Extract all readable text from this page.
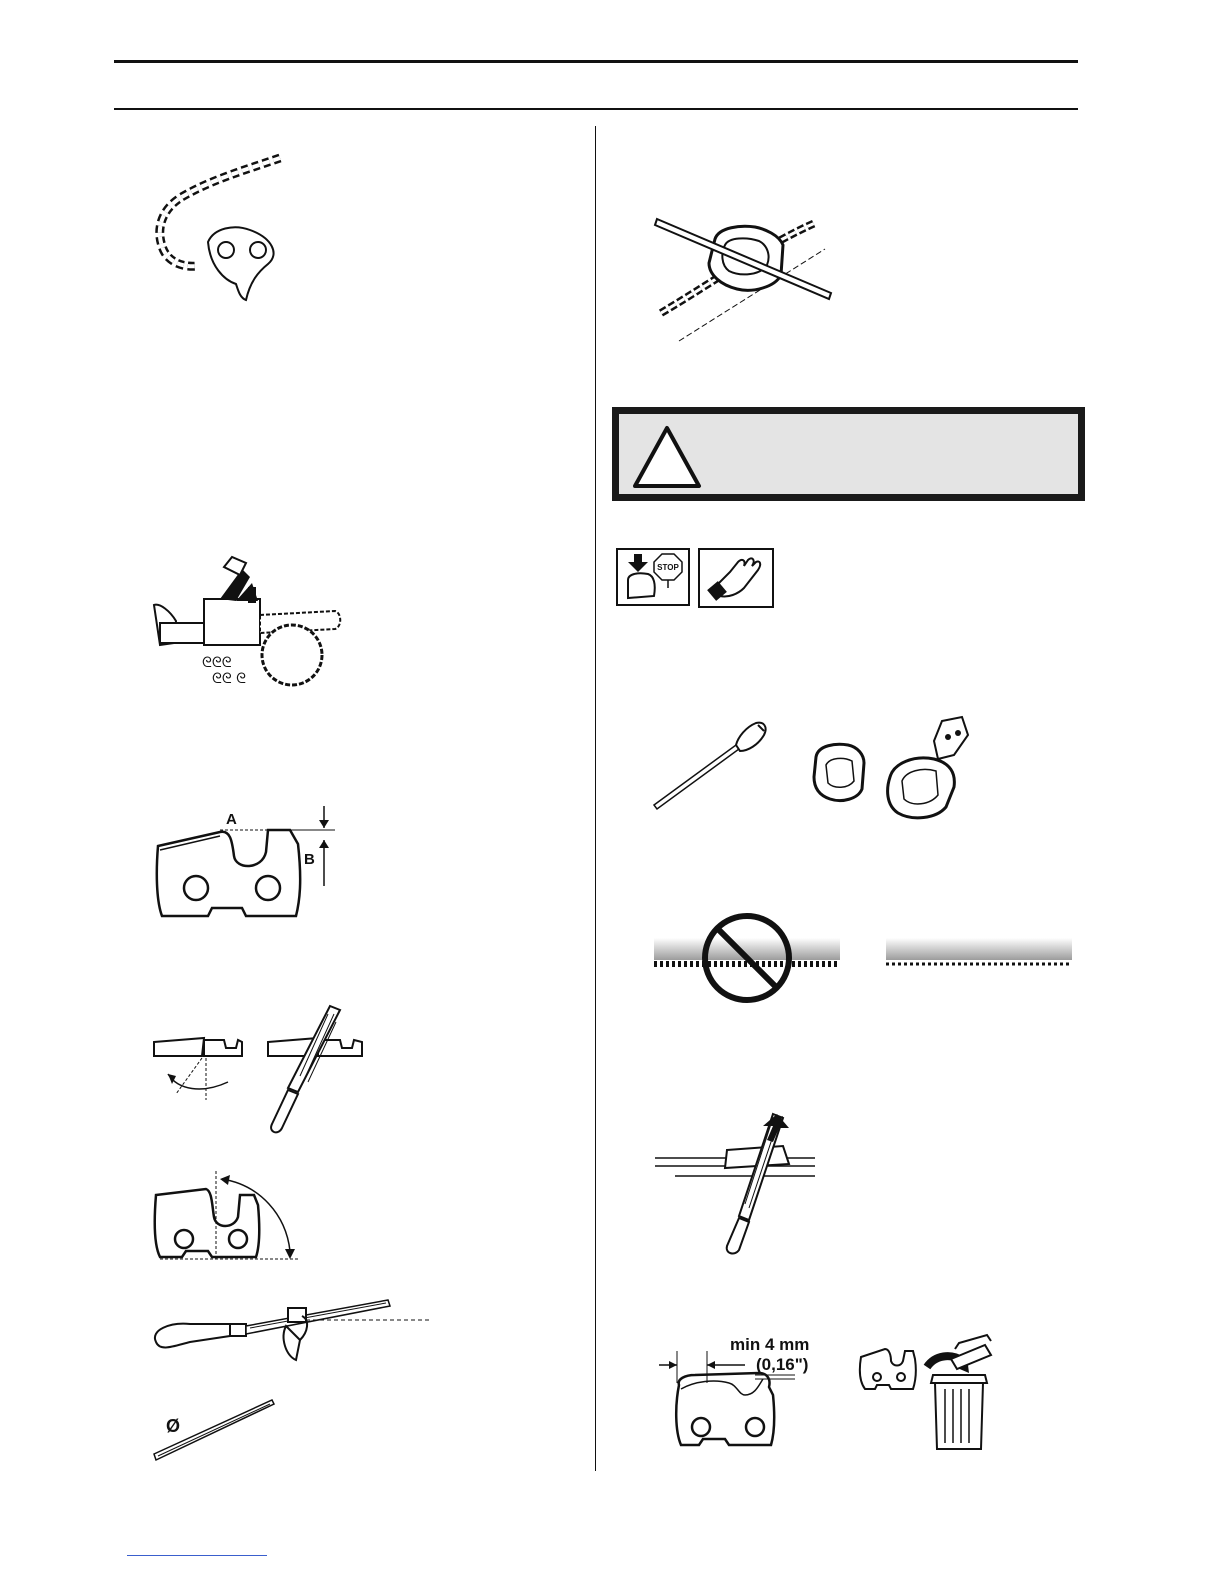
ᘓᘓᘓ
ᘓᘓ ᘓ
A
B
Ø
STOP
min 4 mm
(0,16")
